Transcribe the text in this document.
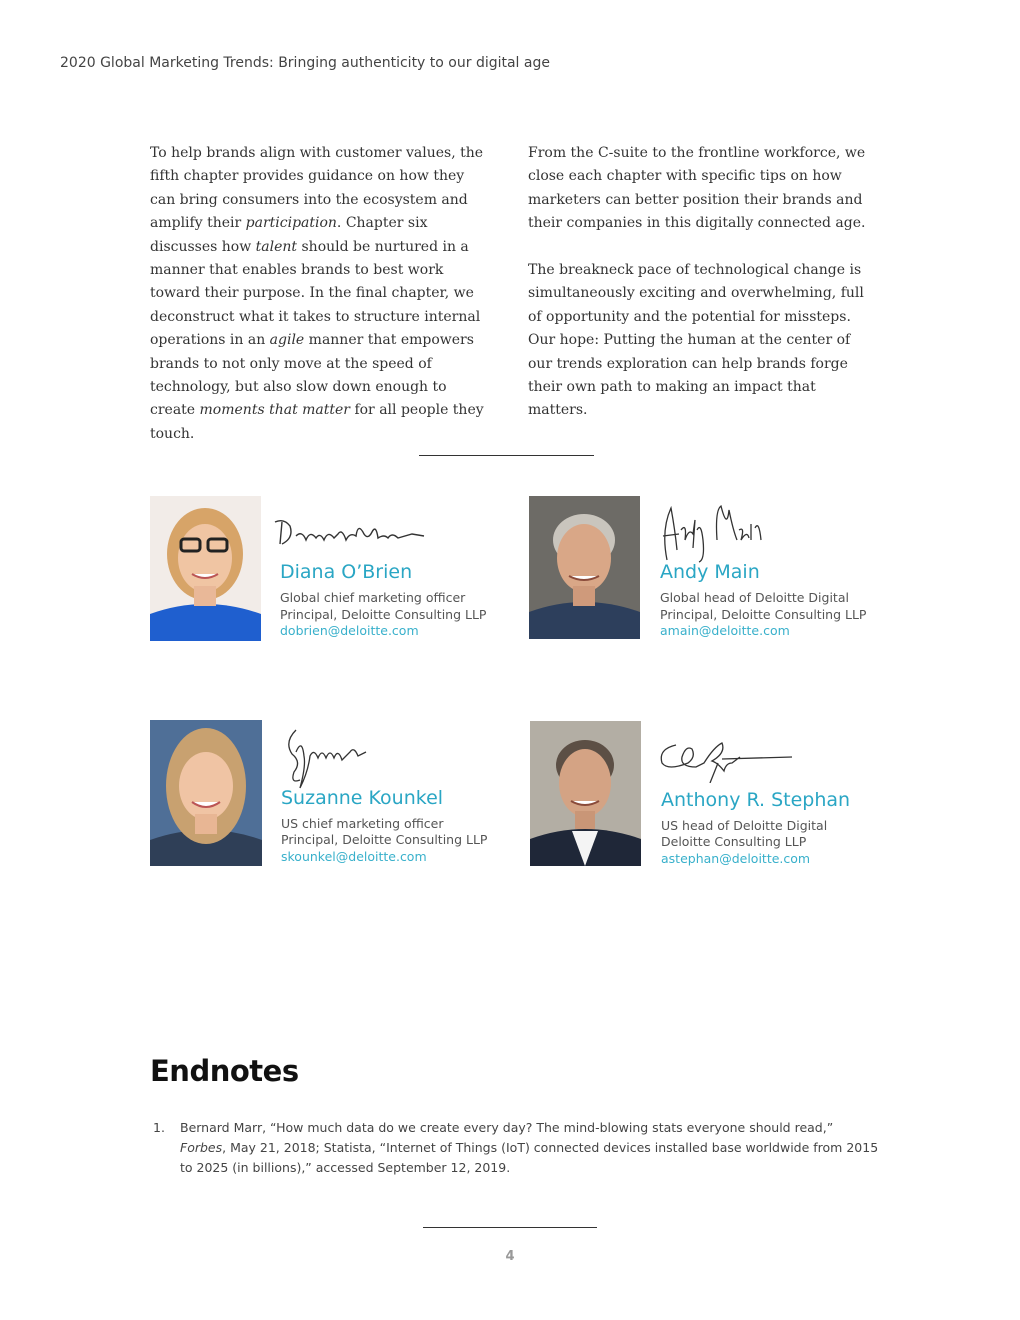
2020 Global Marketing Trends: Bringing authenticity to our digital age

To help brands align with customer values, the fifth chapter provides guidance on how they can bring consumers into the ecosystem and amplify their participation. Chapter six discusses how talent should be nurtured in a manner that enables brands to best work toward their purpose. In the final chapter, we deconstruct what it takes to structure internal operations in an agile manner that empowers brands to not only move at the speed of technology, but also slow down enough to create moments that matter for all people they touch.

From the C-suite to the frontline workforce, we close each chapter with specific tips on how marketers can better position their brands and their companies in this digitally connected age.

The breakneck pace of technological change is simultaneously exciting and overwhelming, full of opportunity and the potential for missteps. Our hope: Putting the human at the center of our trends exploration can help brands forge their own path to making an impact that matters.

Diana O’Brien
Global chief marketing officer
Principal, Deloitte Consulting LLP
dobrien@deloitte.com
Andy Main
Global head of Deloitte Digital
Principal, Deloitte Consulting LLP
amain@deloitte.com
Suzanne Kounkel
US chief marketing officer
Principal, Deloitte Consulting LLP
skounkel@deloitte.com
Anthony R. Stephan
US head of Deloitte Digital
Deloitte Consulting LLP
astephan@deloitte.com
Endnotes
1. Bernard Marr, “How much data do we create every day? The mind-blowing stats everyone should read,” Forbes, May 21, 2018; Statista, “Internet of Things (IoT) connected devices installed base worldwide from 2015 to 2025 (in billions),” accessed September 12, 2019.
4
